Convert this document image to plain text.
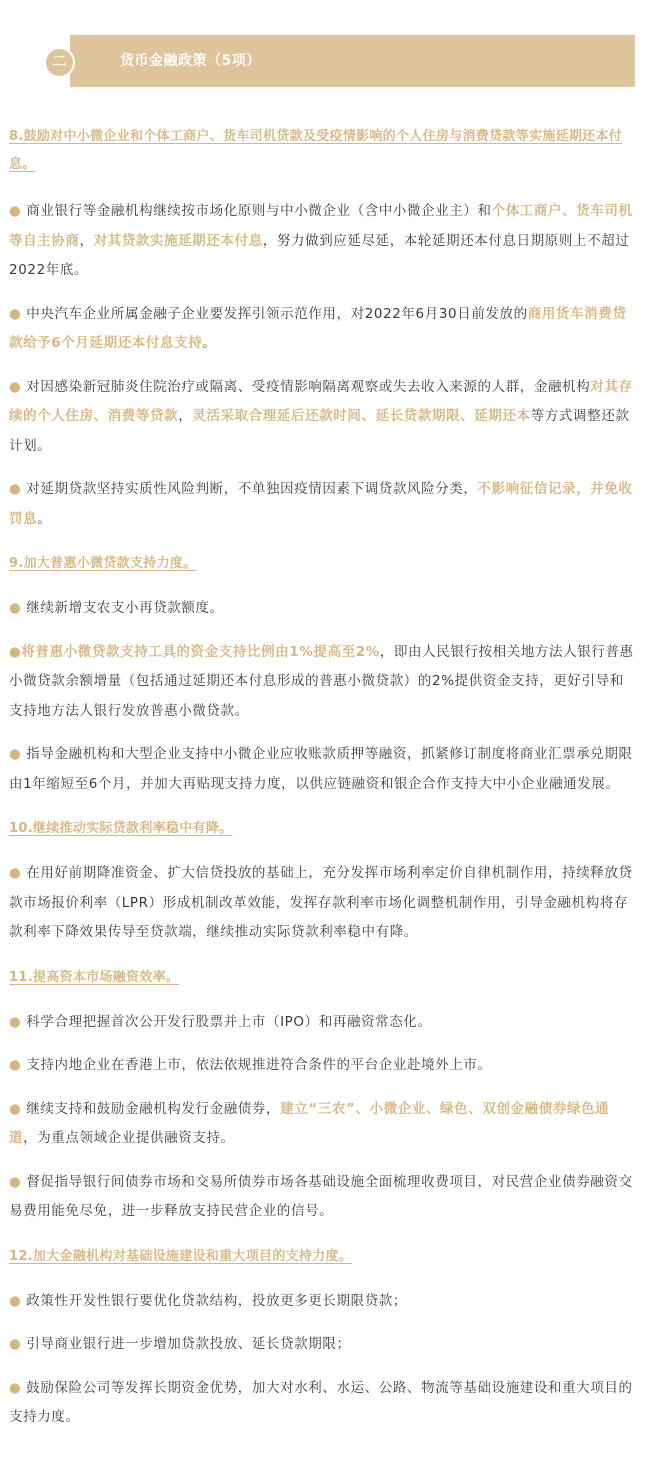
二	货币金融政策（5项）
8.鼓励对中小微企业和个体工商户、货车司机贷款及受疫情影响的个人住房与消费贷款等实施延期还本付息。
● 商业银行等金融机构继续按市场化原则与中小微企业（含中小微企业主）和个体工商户、货车司机等自主协商，对其贷款实施延期还本付息，努力做到应延尽延，本轮延期还本付息日期原则上不超过2022年底。
● 中央汽车企业所属金融子企业要发挥引领示范作用，对2022年6月30日前发放的商用货车消费贷款给予6个月延期还本付息支持。
● 对因感染新冠肺炎住院治疗或隔离、受疫情影响隔离观察或失去收入来源的人群，金融机构对其存续的个人住房、消费等贷款，灵活采取合理延后还款时间、延长贷款期限、延期还本等方式调整还款计划。
● 对延期贷款坚持实质性风险判断，不单独因疫情因素下调贷款风险分类，不影响征信记录，并免收罚息。
9.加大普惠小微贷款支持力度。
● 继续新增支农支小再贷款额度。
●将普惠小微贷款支持工具的资金支持比例由1%提高至2%，即由人民银行按相关地方法人银行普惠小微贷款余额增量（包括通过延期还本付息形成的普惠小微贷款）的2%提供资金支持，更好引导和支持地方法人银行发放普惠小微贷款。
● 指导金融机构和大型企业支持中小微企业应收账款质押等融资，抓紧修订制度将商业汇票承兑期限由1年缩短至6个月，并加大再贴现支持力度，以供应链融资和银企合作支持大中小企业融通发展。
10.继续推动实际贷款利率稳中有降。
● 在用好前期降准资金、扩大信贷投放的基础上，充分发挥市场利率定价自律机制作用，持续释放贷款市场报价利率（LPR）形成机制改革效能，发挥存款利率市场化调整机制作用，引导金融机构将存款利率下降效果传导至贷款端，继续推动实际贷款利率稳中有降。
11.提高资本市场融资效率。
● 科学合理把握首次公开发行股票并上市（IPO）和再融资常态化。
● 支持内地企业在香港上市，依法依规推进符合条件的平台企业赴境外上市。
● 继续支持和鼓励金融机构发行金融债券，建立“三农”、小微企业、绿色、双创金融债券绿色通道，为重点领域企业提供融资支持。
● 督促指导银行间债券市场和交易所债券市场各基础设施全面梳理收费项目，对民营企业债券融资交易费用能免尽免，进一步释放支持民营企业的信号。
12.加大金融机构对基础设施建设和重大项目的支持力度。
● 政策性开发性银行要优化贷款结构，投放更多更长期限贷款；
● 引导商业银行进一步增加贷款投放、延长贷款期限；
● 鼓励保险公司等发挥长期资金优势，加大对水利、水运、公路、物流等基础设施建设和重大项目的支持力度。
